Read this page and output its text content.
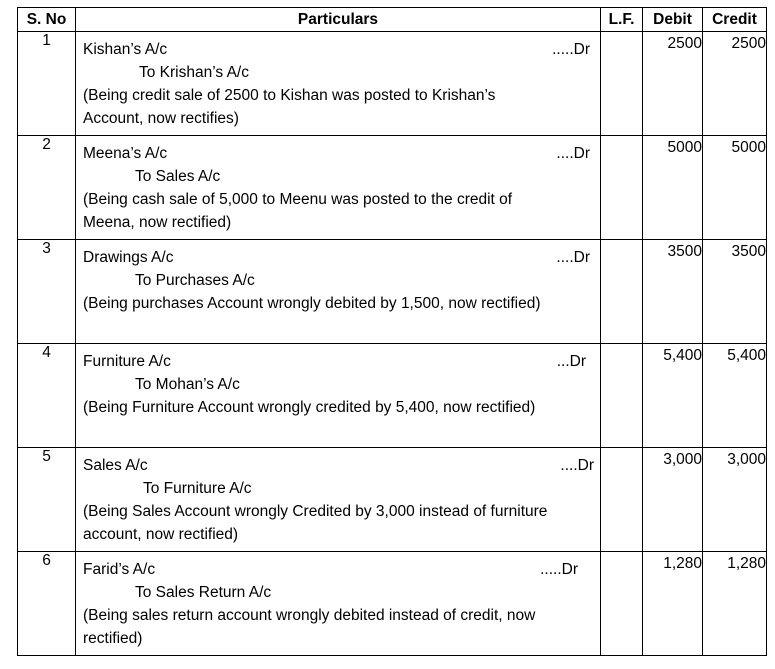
S. No	Particulars	L.F.	Debit	Credit
1	Kishan’s A/c .....Dr
To Krishan’s A/c
(Being credit sale of 2500 to Kishan was posted to Krishan’s Account, now rectifies)		2500	2500
2	Meena’s A/c ....Dr
To Sales A/c
(Being cash sale of 5,000 to Meenu was posted to the credit of Meena, now rectified)		5000	5000
3	Drawings A/c ....Dr
To Purchases A/c
(Being purchases Account wrongly debited by 1,500, now rectified)		3500	3500
4	Furniture A/c ...Dr
To Mohan’s A/c
(Being Furniture Account wrongly credited by 5,400, now rectified)		5,400	5,400
5	Sales A/c ....Dr
To Furniture A/c
(Being Sales Account wrongly Credited by 3,000 instead of furniture account, now rectified)		3,000	3,000
6	Farid’s A/c .....Dr
To Sales Return A/c
(Being sales return account wrongly debited instead of credit, now rectified)		1,280	1,280
